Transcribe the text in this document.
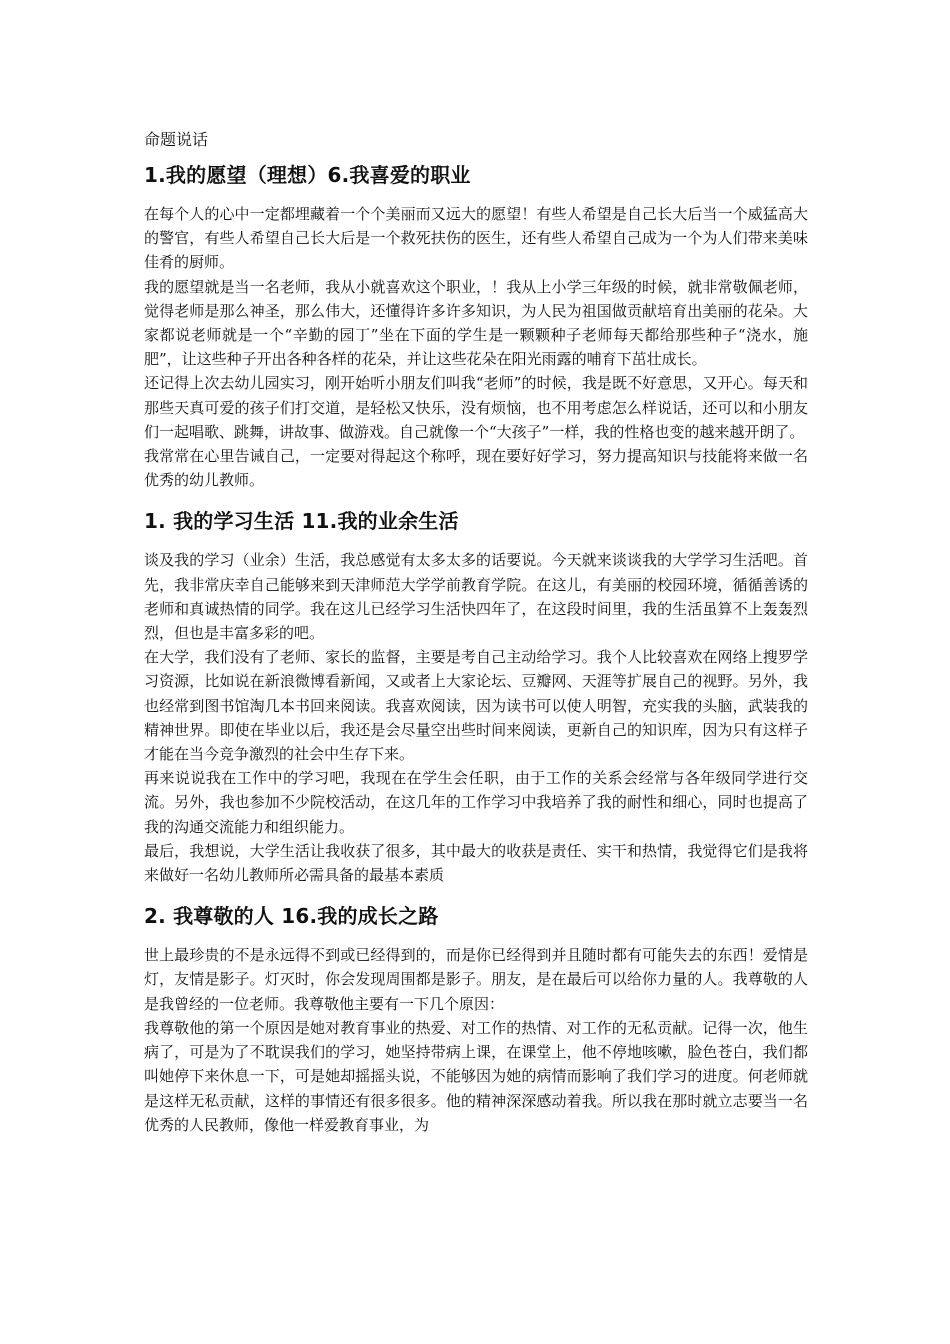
命题说话
1.我的愿望（理想）6.我喜爱的职业

在每个人的心中一定都埋藏着一个个美丽而又远大的愿望！有些人希望是自己长大后当一个威猛高大的警官，有些人希望自己长大后是一个救死扶伤的医生，还有些人希望自己成为一个为人们带来美味佳肴的厨师。

我的愿望就是当一名老师，我从小就喜欢这个职业，！我从上小学三年级的时候，就非常敬佩老师，觉得老师是那么神圣，那么伟大，还懂得许多许多知识，为人民为祖国做贡献培育出美丽的花朵。大家都说老师就是一个“辛勤的园丁”坐在下面的学生是一颗颗种子老师每天都给那些种子“浇水，施肥”，让这些种子开出各种各样的花朵，并让这些花朵在阳光雨露的哺育下茁壮成长。

还记得上次去幼儿园实习，刚开始听小朋友们叫我“老师”的时候，我是既不好意思，又开心。每天和那些天真可爱的孩子们打交道，是轻松又快乐，没有烦恼，也不用考虑怎么样说话，还可以和小朋友们一起唱歌、跳舞，讲故事、做游戏。自己就像一个“大孩子”一样，我的性格也变的越来越开朗了。

我常常在心里告诫自己，一定要对得起这个称呼，现在要好好学习，努力提高知识与技能将来做一名优秀的幼儿教师。

1. 我的学习生活 11.我的业余生活

谈及我的学习（业余）生活，我总感觉有太多太多的话要说。今天就来谈谈我的大学学习生活吧。首先，我非常庆幸自己能够来到天津师范大学学前教育学院。在这儿，有美丽的校园环境，循循善诱的老师和真诚热情的同学。我在这儿已经学习生活快四年了，在这段时间里，我的生活虽算不上轰轰烈烈，但也是丰富多彩的吧。

在大学，我们没有了老师、家长的监督，主要是考自己主动给学习。我个人比较喜欢在网络上搜罗学习资源，比如说在新浪微博看新闻，又或者上大家论坛、豆瓣网、天涯等扩展自己的视野。另外，我也经常到图书馆淘几本书回来阅读。我喜欢阅读，因为读书可以使人明智，充实我的头脑，武装我的精神世界。即使在毕业以后，我还是会尽量空出些时间来阅读，更新自己的知识库，因为只有这样子才能在当今竞争激烈的社会中生存下来。

再来说说我在工作中的学习吧，我现在在学生会任职，由于工作的关系会经常与各年级同学进行交流。另外，我也参加不少院校活动，在这几年的工作学习中我培养了我的耐性和细心，同时也提高了我的沟通交流能力和组织能力。

最后，我想说，大学生活让我收获了很多，其中最大的收获是责任、实干和热情，我觉得它们是我将来做好一名幼儿教师所必需具备的最基本素质

2. 我尊敬的人 16.我的成长之路

世上最珍贵的不是永远得不到或已经得到的，而是你已经得到并且随时都有可能失去的东西！爱情是灯，友情是影子。灯灭时，你会发现周围都是影子。朋友，是在最后可以给你力量的人。我尊敬的人是我曾经的一位老师。我尊敬他主要有一下几个原因：

我尊敬他的第一个原因是她对教育事业的热爱、对工作的热情、对工作的无私贡献。记得一次，他生病了，可是为了不耽误我们的学习，她坚持带病上课，在课堂上，他不停地咳嗽，脸色苍白，我们都叫她停下来休息一下，可是她却摇摇头说，不能够因为她的病情而影响了我们学习的进度。何老师就是这样无私贡献，这样的事情还有很多很多。他的精神深深感动着我。所以我在那时就立志要当一名优秀的人民教师，像他一样爱教育事业，为
